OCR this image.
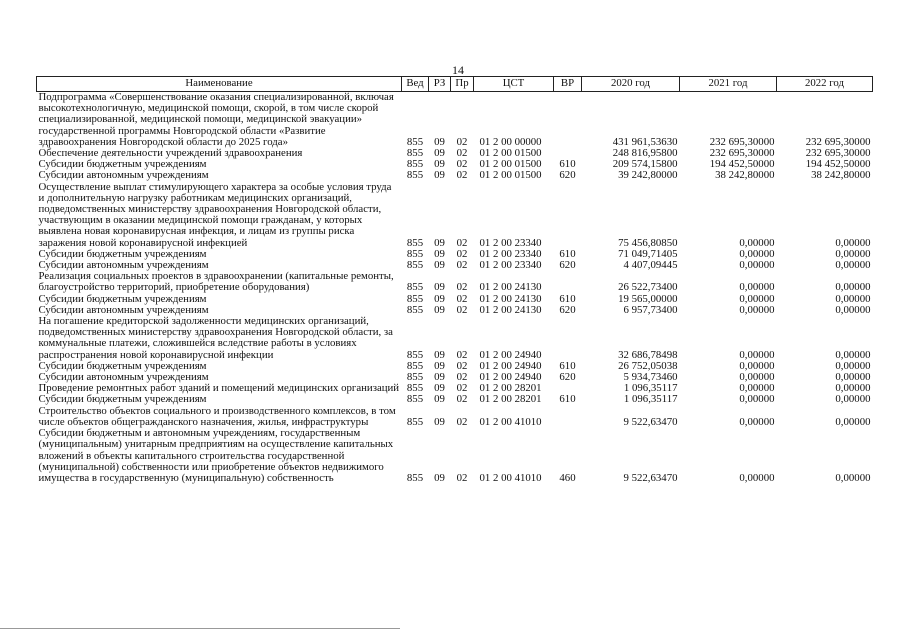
14
Наименование	Вед	РЗ	Пр	ЦСТ	ВР	2020 год	2021 год	2022 год
Подпрограмма «Совершенствование оказания специализированной, включая высокотехнологичную, медицинской помощи, скорой, в том числе скорой специализированной, медицинской помощи, медицинской эвакуации» государственной программы Новгородской области «Развитие здравоохранения Новгородской области до 2025 года»	855	09	02	01 2 00 00000		431 961,53630	232 695,30000	232 695,30000
Обеспечение деятельности учреждений здравоохранения	855	09	02	01 2 00 01500		248 816,95800	232 695,30000	232 695,30000
Субсидии бюджетным учреждениям	855	09	02	01 2 00 01500	610	209 574,15800	194 452,50000	194 452,50000
Субсидии автономным учреждениям	855	09	02	01 2 00 01500	620	39 242,80000	38 242,80000	38 242,80000
Осуществление выплат стимулирующего характера за особые условия труда и дополнительную нагрузку работникам медицинских организаций, подведомственных министерству здравоохранения Новгородской области, участвующим в оказании медицинской помощи гражданам, у которых выявлена новая коронавирусная инфекция, и лицам из группы риска заражения новой коронавирусной инфекцией	855	09	02	01 2 00 23340		75 456,80850	0,00000	0,00000
Субсидии бюджетным учреждениям	855	09	02	01 2 00 23340	610	71 049,71405	0,00000	0,00000
Субсидии автономным учреждениям	855	09	02	01 2 00 23340	620	4 407,09445	0,00000	0,00000
Реализация социальных проектов в здравоохранении (капитальные ремонты, благоустройство территорий, приобретение оборудования)	855	09	02	01 2 00 24130		26 522,73400	0,00000	0,00000
Субсидии бюджетным учреждениям	855	09	02	01 2 00 24130	610	19 565,00000	0,00000	0,00000
Субсидии автономным учреждениям	855	09	02	01 2 00 24130	620	6 957,73400	0,00000	0,00000
На погашение кредиторской задолженности медицинских организаций, подведомственных министерству здравоохранения Новгородской области, за коммунальные платежи, сложившейся вследствие работы в условиях распространения новой коронавирусной инфекции	855	09	02	01 2 00 24940		32 686,78498	0,00000	0,00000
Субсидии бюджетным учреждениям	855	09	02	01 2 00 24940	610	26 752,05038	0,00000	0,00000
Субсидии автономным учреждениям	855	09	02	01 2 00 24940	620	5 934,73460	0,00000	0,00000
Проведение ремонтных работ зданий и помещений медицинских организаций	855	09	02	01 2 00 28201		1 096,35117	0,00000	0,00000
Субсидии бюджетным учреждениям	855	09	02	01 2 00 28201	610	1 096,35117	0,00000	0,00000
Строительство объектов социального и производственного комплексов, в том числе объектов общегражданского назначения, жилья, инфраструктуры	855	09	02	01 2 00 41010		9 522,63470	0,00000	0,00000
Субсидии бюджетным и автономным учреждениям, государственным (муниципальным) унитарным предприятиям на осуществление капитальных вложений в объекты капитального строительства государственной (муниципальной) собственности или приобретение объектов недвижимого имущества в государственную (муниципальную) собственность	855	09	02	01 2 00 41010	460	9 522,63470	0,00000	0,00000
